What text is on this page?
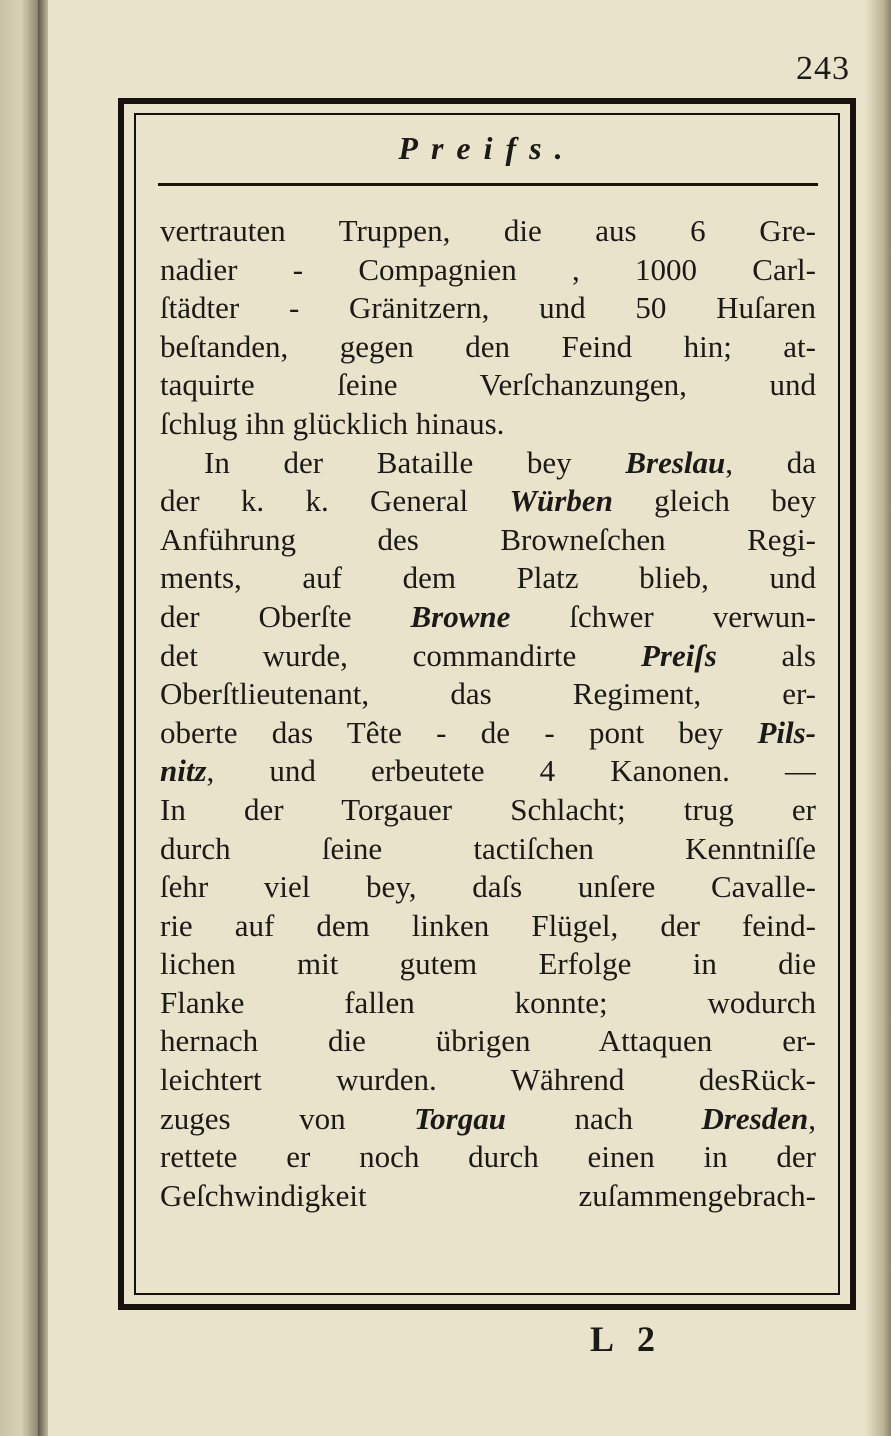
243
Preifs.
vertrauten Truppen, die aus 6 Gre-
nadier - Compagnien , 1000 Carl-
ſtädter - Gränitzern, und 50 Huſaren
beſtanden, gegen den Feind hin; at-
taquirte ſeine Verſchanzungen, und
ſchlug ihn glücklich hinaus.
In der Bataille bey Breslau, da
der k. k. General Würben gleich bey
Anführung des Browneſchen Regi-
ments, auf dem Platz blieb, und
der Oberſte Browne ſchwer verwun-
det wurde, commandirte Preiſs als
Oberſtlieutenant, das Regiment, er-
oberte das Tête - de - pont bey Pils-
nitz, und erbeutete 4 Kanonen. —
In der Torgauer Schlacht; trug er
durch ſeine tactiſchen Kenntniſſe
ſehr viel bey, daſs unſere Cavalle-
rie auf dem linken Flügel, der feind-
lichen mit gutem Erfolge in die
Flanke fallen konnte; wodurch
hernach die übrigen Attaquen er-
leichtert wurden. Während desRück-
zuges von Torgau nach Dresden,
rettete er noch durch einen in der
Geſchwindigkeit zuſammengebrach-
L 2
